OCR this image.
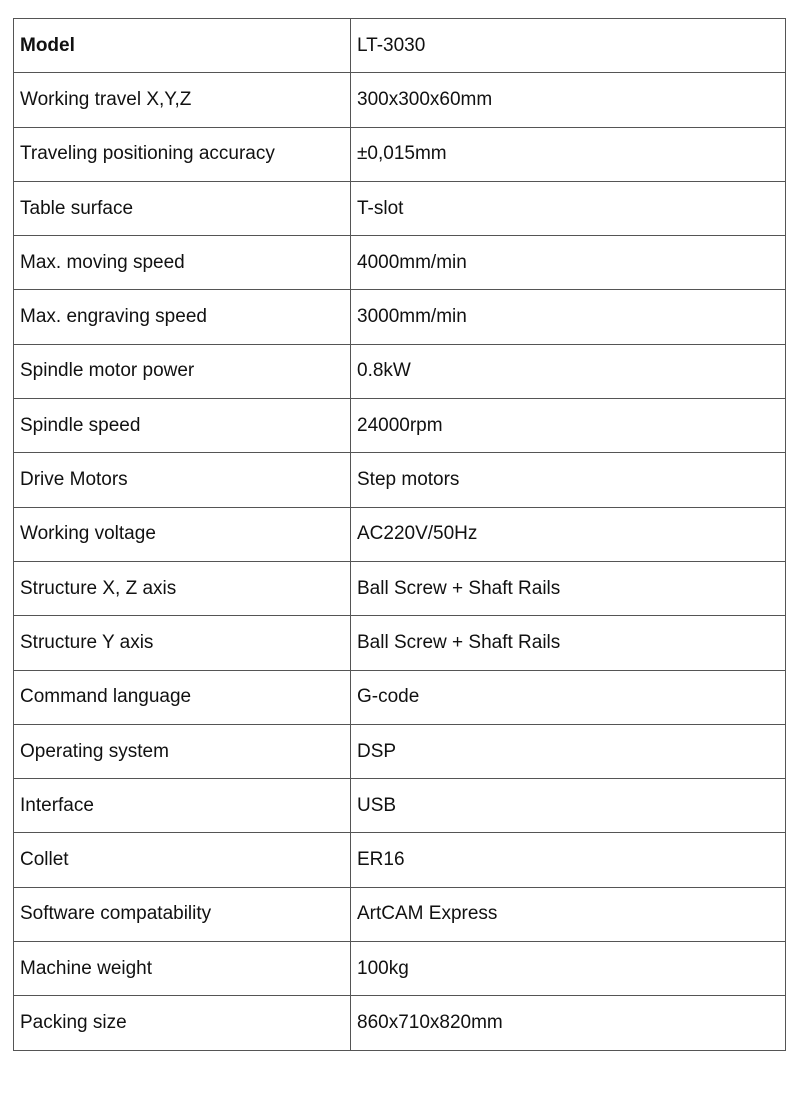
Model	LT-3030
Working travel X,Y,Z	300x300x60mm
Traveling positioning accuracy	±0,015mm
Table surface	T-slot
Max. moving speed	4000mm/min
Max. engraving speed	3000mm/min
Spindle motor power	0.8kW
Spindle speed	24000rpm
Drive Motors	Step motors
Working voltage	AC220V/50Hz
Structure X, Z axis	Ball Screw + Shaft Rails
Structure Y axis	Ball Screw + Shaft Rails
Command language	G-code
Operating system	DSP
Interface	USB
Collet	ER16
Software compatability	ArtCAM Express
Machine weight	100kg
Packing size	860x710x820mm
